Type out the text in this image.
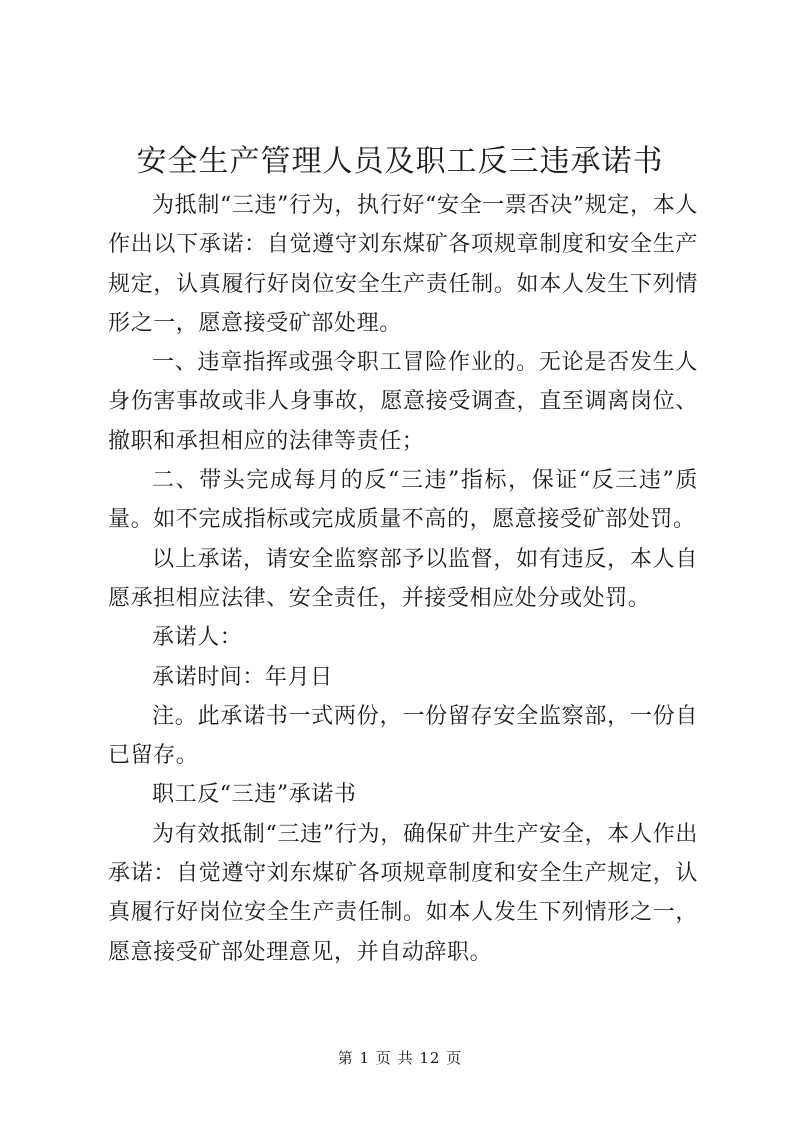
安全生产管理人员及职工反三违承诺书

为抵制“三违”行为，执行好“安全一票否决”规定，本人作出以下承诺：自觉遵守刘东煤矿各项规章制度和安全生产规定，认真履行好岗位安全生产责任制。如本人发生下列情形之一，愿意接受矿部处理。

一、违章指挥或强令职工冒险作业的。无论是否发生人身伤害事故或非人身事故，愿意接受调查，直至调离岗位、撤职和承担相应的法律等责任；

二、带头完成每月的反“三违”指标，保证“反三违”质量。如不完成指标或完成质量不高的，愿意接受矿部处罚。

以上承诺，请安全监察部予以监督，如有违反，本人自愿承担相应法律、安全责任，并接受相应处分或处罚。

承诺人：

承诺时间：年月日

注。此承诺书一式两份，一份留存安全监察部，一份自已留存。

职工反“三违”承诺书

为有效抵制“三违”行为，确保矿井生产安全，本人作出承诺：自觉遵守刘东煤矿各项规章制度和安全生产规定，认真履行好岗位安全生产责任制。如本人发生下列情形之一，愿意接受矿部处理意见，并自动辞职。

第 1 页 共 12 页
